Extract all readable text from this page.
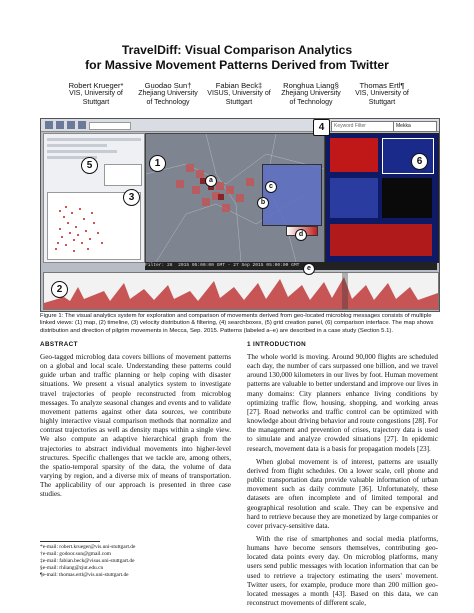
TravelDiff: Visual Comparison Analytics
for Massive Movement Patterns Derived from Twitter
Robert Krueger*
VIS, University of
Stuttgart
Guodao Sun†
Zhejiang University
of Technology
Fabian Beck‡
VISUS, University of
Stuttgart
Ronghua Liang§
Zhejiang University
of Technology
Thomas Ertl¶
VIS, University of
Stuttgart
Keyword Filter	Mekka
Filter: 28 2015 05:00:00 GMT - 27 Sep 2015 05:00:00 GMT
1
2
3
4
5	6
a
b
c
d
e
Figure 1: The visual analytics system for exploration and comparison of movements derived from geo-located microblog messages consists of multiple linked views: (1) map, (2) timeline, (3) velocity distribution & filtering, (4) searchboxes, (5) grid creation panel, (6) comparison interface. The map shows distribution and direction of pilgrim movements in Mecca, Sep. 2015. Patterns (labeled a–e) are described in a case study (Section 5.1).
ABSTRACT

Geo-tagged microblog data covers billions of movement patterns on a global and local scale. Understanding these patterns could guide urban and traffic planning or help coping with disaster situations. We present a visual analytics system to investigate travel trajectories of people reconstructed from microblog messages. To analyze seasonal changes and events and to validate movement patterns against other data sources, we contribute highly interactive visual comparison methods that normalize and contrast trajectories as well as density maps within a single view. We also compute an adaptive hierarchical graph from the trajectories to abstract individual movements into higher-level structures. Specific challenges that we tackle are, among others, the spatio-temporal sparsity of the data, the volume of data varying by region, and a diverse mix of means of transportation. The applicability of our approach is presented in three case studies.

*e-mail: robert.krueger@vis.uni-stuttgart.de
†e-mail: godoor.sun@gmail.com
‡e-mail: fabian.beck@visus.uni-stuttgart.de
§e-mail: rhliang@zjut.edu.cn
¶e-mail: thomas.ertl@vis.uni-stuttgart.de
1 INTRODUCTION

The whole world is moving. Around 90,000 flights are scheduled each day, the number of cars surpassed one billion, and we travel around 130,000 kilometers in our lives by foot. Human movement patterns are valuable to better understand and improve our lives in many domains: City planners enhance living conditions by optimizing traffic flow, housing, shopping, and working areas [27]. Road networks and traffic control can be optimized with knowledge about driving behavior and route congestions [28]. For the management and prevention of crises, trajectory data is used to simulate and analyze crowded situations [27]. In epidemic research, movement data is a basis for propagation models [23].

When global movement is of interest, patterns are usually derived from flight schedules. On a lower scale, cell phone and public transportation data provide valuable information of urban movement such as daily commute [36]. Unfortunately, these datasets are often incomplete and of limited temporal and geographical resolution and scale. They can be expensive and hard to retrieve because they are monetized by large companies or cover privacy-sensitive data.

With the rise of smartphones and social media platforms, humans have become sensors themselves, contributing geo-located data points every day. On microblog platforms, many users send public messages with location information that can be used to retrieve a trajectory estimating the users' movement. Twitter users, for example, produce more than 200 million geo-located messages a month [43]. Based on this data, we can reconstruct movements of different scale,
